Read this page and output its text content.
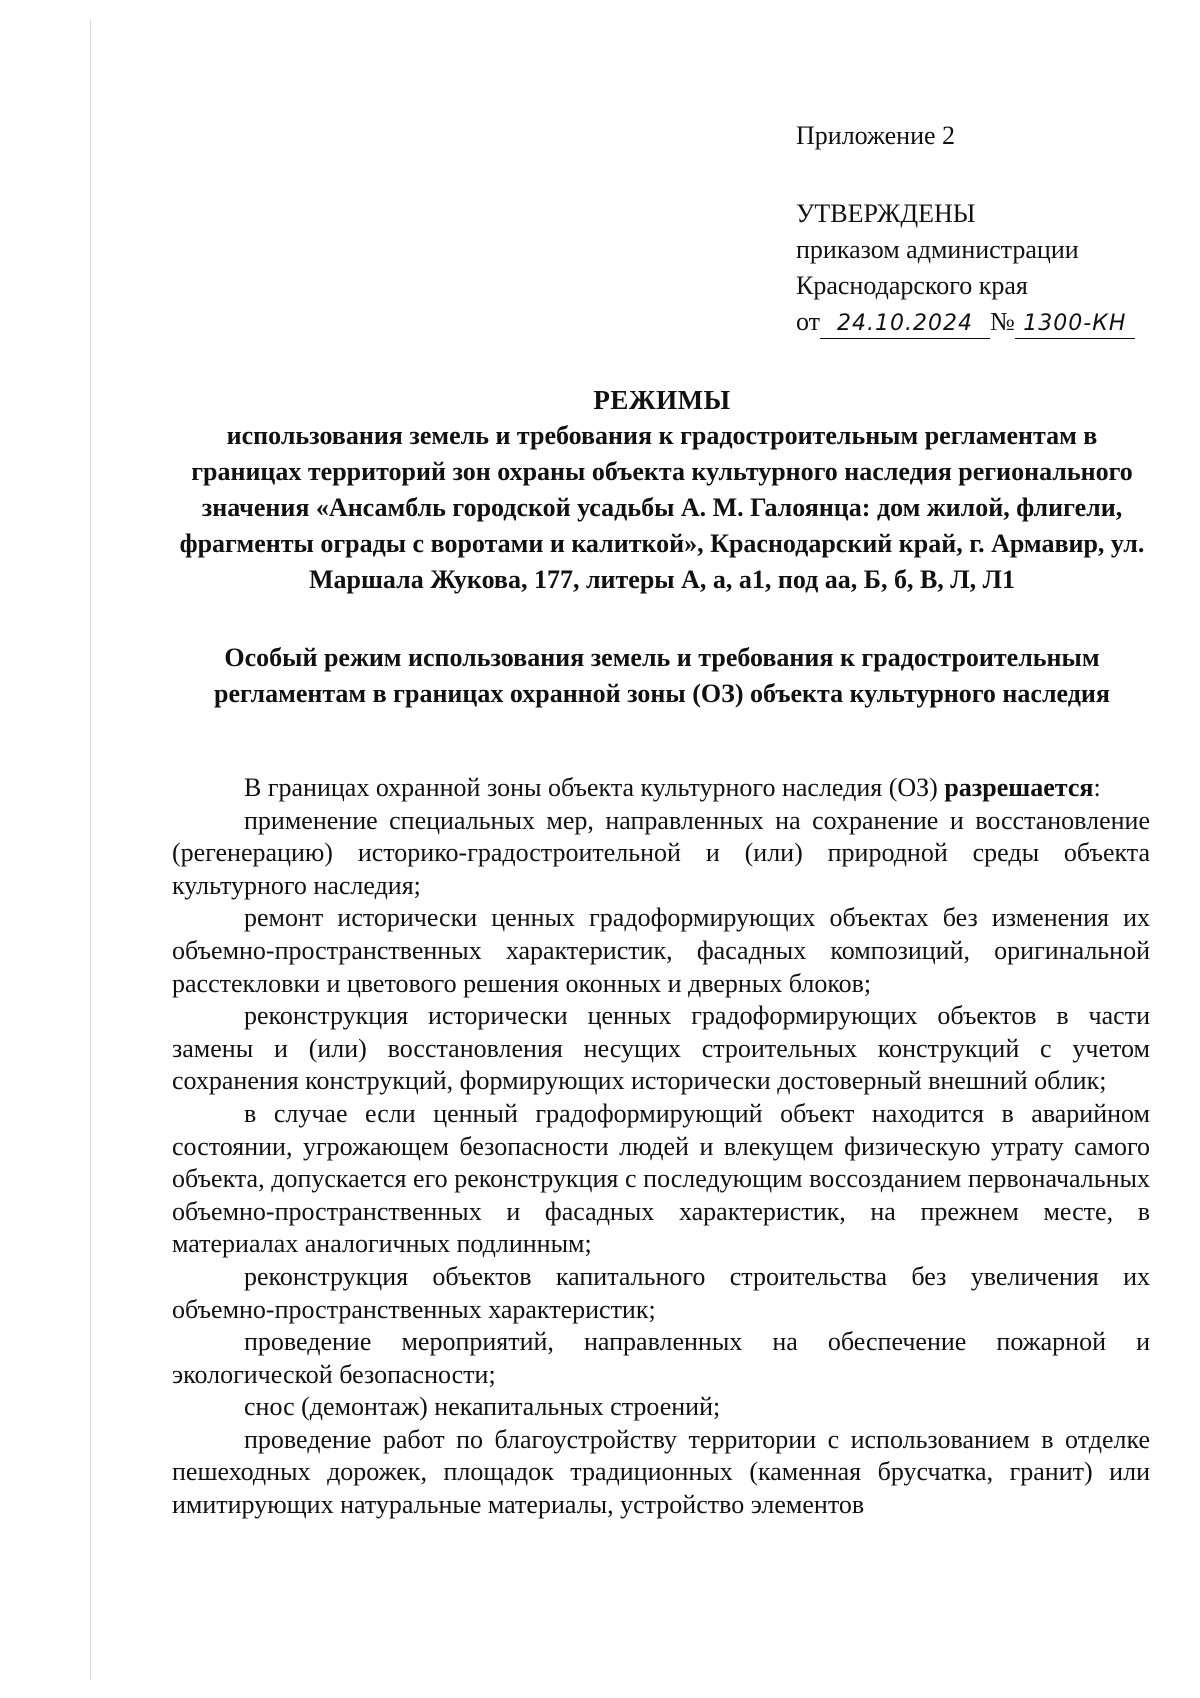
Приложение 2
УТВЕРЖДЕНЫ
приказом администрации
Краснодарского края
от 24.10.2024 № 1300-КН
РЕЖИМЫ
использования земель и требования к градостроительным регламентам в границах территорий зон охраны объекта культурного наследия регионального значения «Ансамбль городской усадьбы А. М. Галоянца: дом жилой, флигели, фрагменты ограды с воротами и калиткой», Краснодарский край, г. Армавир, ул. Маршала Жукова, 177, литеры А, а, а1, под аа, Б, б, В, Л, Л1
Особый режим использования земель и требования к градостроительным регламентам в границах охранной зоны (ОЗ) объекта культурного наследия

В границах охранной зоны объекта культурного наследия (ОЗ) разрешается:

применение специальных мер, направленных на сохранение и восстановление (регенерацию) историко-градостроительной и (или) природной среды объекта культурного наследия;

ремонт исторически ценных градоформирующих объектах без изменения их объемно-пространственных характеристик, фасадных композиций, оригинальной расстекловки и цветового решения оконных и дверных блоков;

реконструкция исторически ценных градоформирующих объектов в части замены и (или) восстановления несущих строительных конструкций с учетом сохранения конструкций, формирующих исторически достоверный внешний облик;

в случае если ценный градоформирующий объект находится в аварийном состоянии, угрожающем безопасности людей и влекущем физическую утрату самого объекта, допускается его реконструкция с последующим воссозданием первоначальных объемно-пространственных и фасадных характеристик, на прежнем месте, в материалах аналогичных подлинным;

реконструкция объектов капитального строительства без увеличения их объемно-пространственных характеристик;

проведение мероприятий, направленных на обеспечение пожарной и экологической безопасности;

снос (демонтаж) некапитальных строений;

проведение работ по благоустройству территории с использованием в отделке пешеходных дорожек, площадок традиционных (каменная брусчатка, гранит) или имитирующих натуральные материалы, устройство элементов
